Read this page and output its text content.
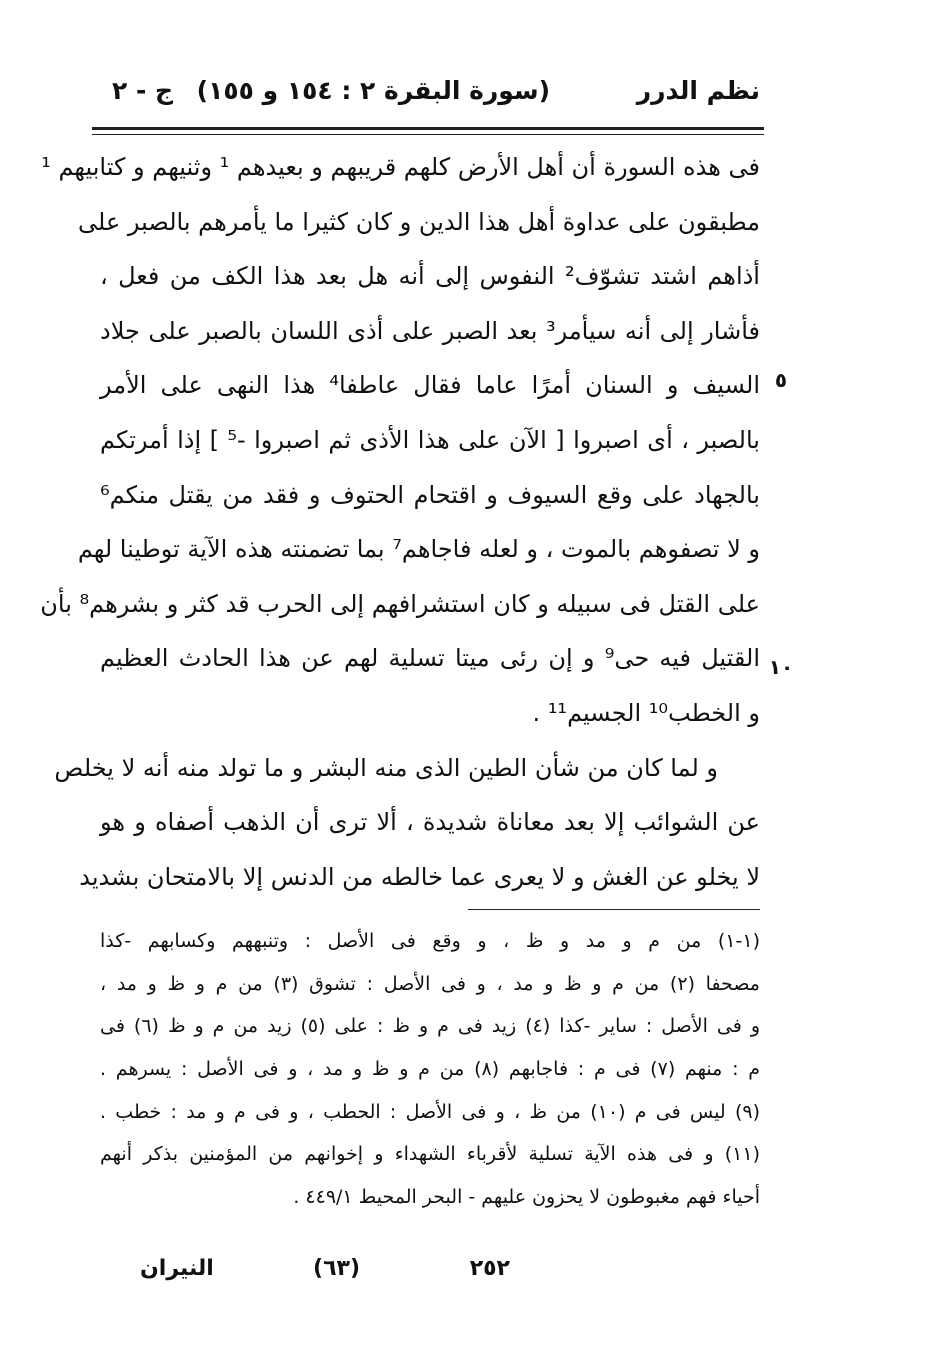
نظم الدرر
(سورة البقرة ٢ : ١٥٤ و ١٥٥)
ج - ٢
فى هذه السورة أن أهل الأرض كلهم قريبهم و بعيدهم ¹ وثنيهم و كتابيهم ¹
مطبقون على عداوة أهل هذا الدين و كان كثيرا ما يأمرهم بالصبر على
أذاهم اشتد تشوّف² النفوس إلى أنه هل بعد هذا الكف من فعل ،
فأشار إلى أنه سيأمر³ بعد الصبر على أذى اللسان بالصبر على جلاد
السيف و السنان أمرًا عاما فقال عاطفا⁴ هذا النهى على الأمر
بالصبر ، أى اصبروا [ الآن على هذا الأذى ثم اصبروا -⁵ ] إذا أمرتكم
بالجهاد على وقع السيوف و اقتحام الحتوف و فقد من يقتل منكم⁶
و لا تصفوهم بالموت ، و لعله فاجاهم⁷ بما تضمنته هذه الآية توطينا لهم
على القتل فى سبيله و كان استشرافهم إلى الحرب قد كثر و بشرهم⁸ بأن
القتيل فيه حى⁹ و إن رئى ميتا تسلية لهم عن هذا الحادث العظيم
و الخطب¹⁰ الجسيم¹¹ .
و لما كان من شأن الطين الذى منه البشر و ما تولد منه أنه لا يخلص
عن الشوائب إلا بعد معاناة شديدة ، ألا ترى أن الذهب أصفاه و هو
لا يخلو عن الغش و لا يعرى عما خالطه من الدنس إلا بالامتحان بشديد
٥
١٠
(١-١) من م و مد و ظ ، و وقع فى الأصل : وتنبههم وكسابهم -كذا
مصحفا (٢) من م و ظ و مد ، و فى الأصل : تشوق (٣) من م و ظ و مد ،
و فى الأصل : ساير -كذا (٤) زيد فى م و ظ : على (٥) زيد من م و ظ (٦) فى
م : منهم (٧) فى م : فاجابهم (٨) من م و ظ و مد ، و فى الأصل : يسرهم .
(٩) ليس فى م (١٠) من ظ ، و فى الأصل : الحطب ، و فى م و مد : خطب .
(١١) و فى هذه الآية تسلية لأقرباء الشهداء و إخوانهم من المؤمنين بذكر أنهم
أحياء فهم مغبوطون لا يحزون عليهم - البحر المحيط ٤٤٩/١ .
٢٥٢
(٦٣)
النيران
